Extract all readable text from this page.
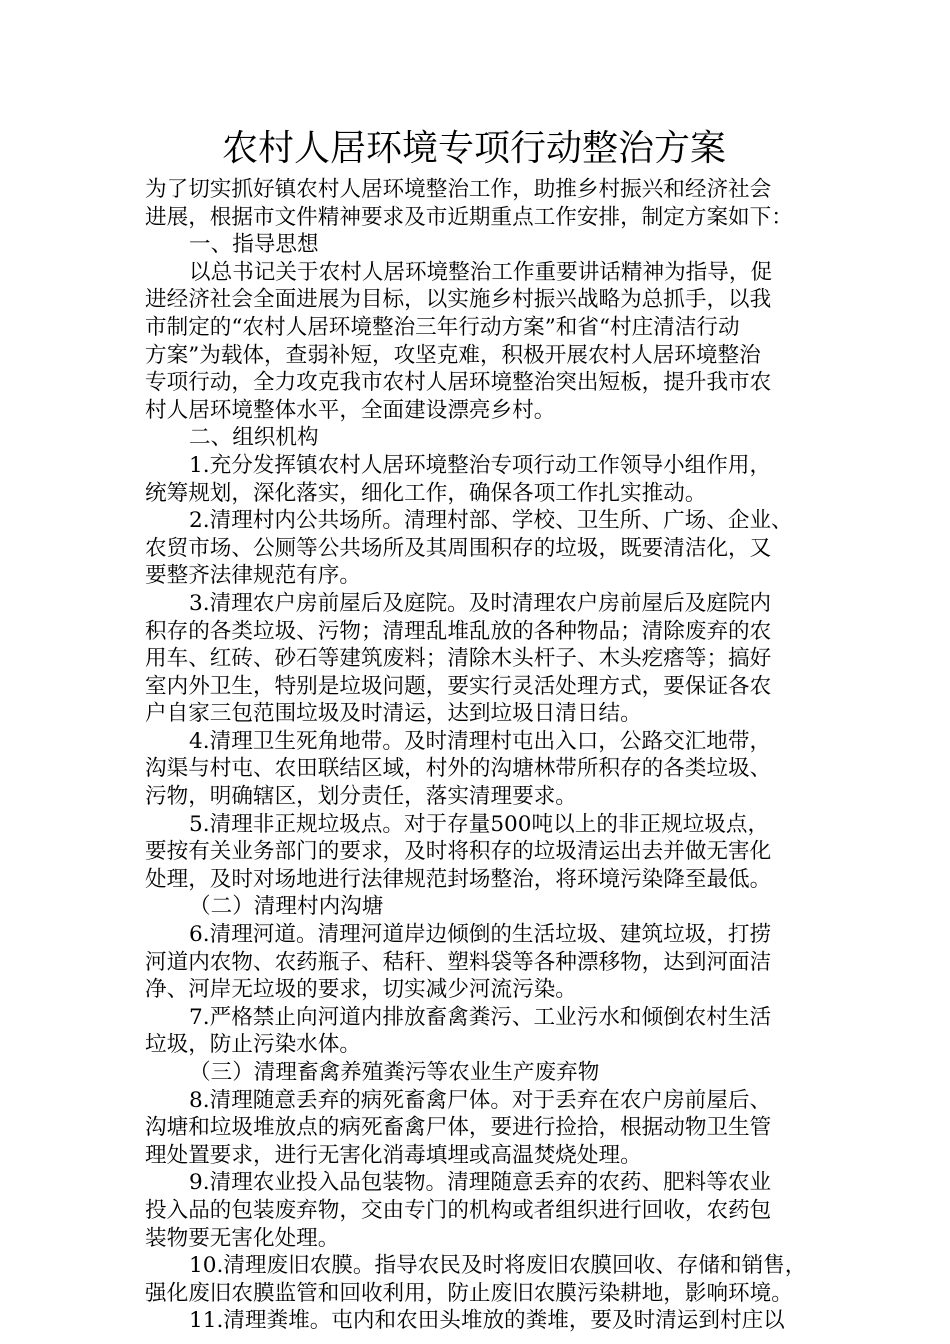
农村人居环境专项行动整治方案
为了切实抓好镇农村人居环境整治工作，助推乡村振兴和经济社会
进展，根据市文件精神要求及市近期重点工作安排，制定方案如下：
一、指导思想
以总书记关于农村人居环境整治工作重要讲话精神为指导，促
进经济社会全面进展为目标，以实施乡村振兴战略为总抓手，以我
市制定的“农村人居环境整治三年行动方案”和省“村庄清洁行动
方案”为载体，查弱补短，攻坚克难，积极开展农村人居环境整治
专项行动，全力攻克我市农村人居环境整治突出短板，提升我市农
村人居环境整体水平，全面建设漂亮乡村。
二、组织机构
1.充分发挥镇农村人居环境整治专项行动工作领导小组作用，
统筹规划，深化落实，细化工作，确保各项工作扎实推动。
2.清理村内公共场所。清理村部、学校、卫生所、广场、企业、
农贸市场、公厕等公共场所及其周围积存的垃圾，既要清洁化，又
要整齐法律规范有序。
3.清理农户房前屋后及庭院。及时清理农户房前屋后及庭院内
积存的各类垃圾、污物；清理乱堆乱放的各种物品；清除废弃的农
用车、红砖、砂石等建筑废料；清除木头杆子、木头疙瘩等；搞好
室内外卫生，特别是垃圾问题，要实行灵活处理方式，要保证各农
户自家三包范围垃圾及时清运，达到垃圾日清日结。
4.清理卫生死角地带。及时清理村屯出入口，公路交汇地带，
沟渠与村屯、农田联结区域，村外的沟塘林带所积存的各类垃圾、
污物，明确辖区，划分责任，落实清理要求。
5.清理非正规垃圾点。对于存量500吨以上的非正规垃圾点，
要按有关业务部门的要求，及时将积存的垃圾清运出去并做无害化
处理，及时对场地进行法律规范封场整治，将环境污染降至最低。
（二）清理村内沟塘
6.清理河道。清理河道岸边倾倒的生活垃圾、建筑垃圾，打捞
河道内农物、农药瓶子、秸秆、塑料袋等各种漂移物，达到河面洁
净、河岸无垃圾的要求，切实减少河流污染。
7.严格禁止向河道内排放畜禽粪污、工业污水和倾倒农村生活
垃圾，防止污染水体。
（三）清理畜禽养殖粪污等农业生产废弃物
8.清理随意丢弃的病死畜禽尸体。对于丢弃在农户房前屋后、
沟塘和垃圾堆放点的病死畜禽尸体，要进行捡拾，根据动物卫生管
理处置要求，进行无害化消毒填埋或高温焚烧处理。
9.清理农业投入品包装物。清理随意丢弃的农药、肥料等农业
投入品的包装废弃物，交由专门的机构或者组织进行回收，农药包
装物要无害化处理。
10.清理废旧农膜。指导农民及时将废旧农膜回收、存储和销售，
强化废旧农膜监管和回收利用，防止废旧农膜污染耕地，影响环境。
11.清理粪堆。屯内和农田头堆放的粪堆，要及时清运到村庄以
